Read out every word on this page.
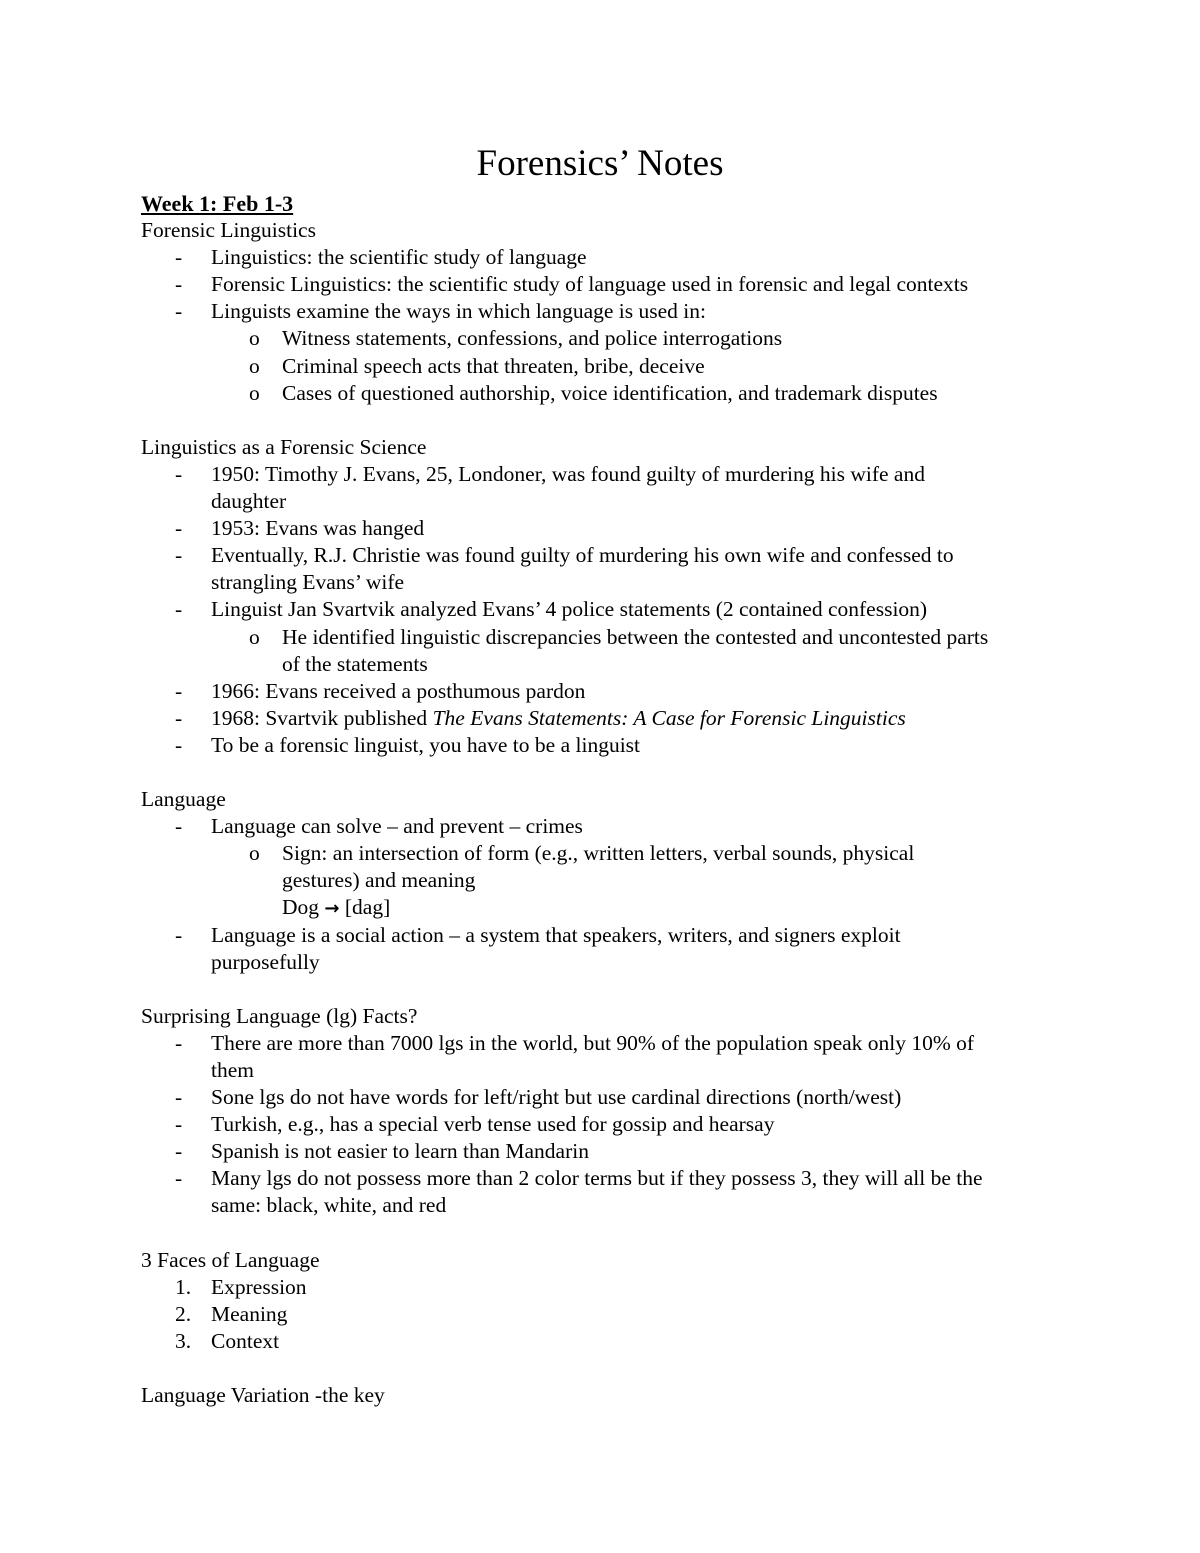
Forensics’ Notes
Week 1: Feb 1-3
Forensic Linguistics
- Linguistics: the scientific study of language
- Forensic Linguistics: the scientific study of language used in forensic and legal contexts
- Linguists examine the ways in which language is used in:
o Witness statements, confessions, and police interrogations
o Criminal speech acts that threaten, bribe, deceive
o Cases of questioned authorship, voice identification, and trademark disputes
Linguistics as a Forensic Science
- 1950: Timothy J. Evans, 25, Londoner, was found guilty of murdering his wife and
daughter
- 1953: Evans was hanged
- Eventually, R.J. Christie was found guilty of murdering his own wife and confessed to
strangling Evans’ wife
- Linguist Jan Svartvik analyzed Evans’ 4 police statements (2 contained confession)
o He identified linguistic discrepancies between the contested and uncontested parts
of the statements
- 1966: Evans received a posthumous pardon
- 1968: Svartvik published The Evans Statements: A Case for Forensic Linguistics
- To be a forensic linguist, you have to be a linguist
Language
- Language can solve – and prevent – crimes
o Sign: an intersection of form (e.g., written letters, verbal sounds, physical
gestures) and meaning
Dog → [dag]
- Language is a social action – a system that speakers, writers, and signers exploit
purposefully
Surprising Language (lg) Facts?
- There are more than 7000 lgs in the world, but 90% of the population speak only 10% of
them
- Sone lgs do not have words for left/right but use cardinal directions (north/west)
- Turkish, e.g., has a special verb tense used for gossip and hearsay
- Spanish is not easier to learn than Mandarin
- Many lgs do not possess more than 2 color terms but if they possess 3, they will all be the
same: black, white, and red
3 Faces of Language
1. Expression
2. Meaning
3. Context
Language Variation -the key
